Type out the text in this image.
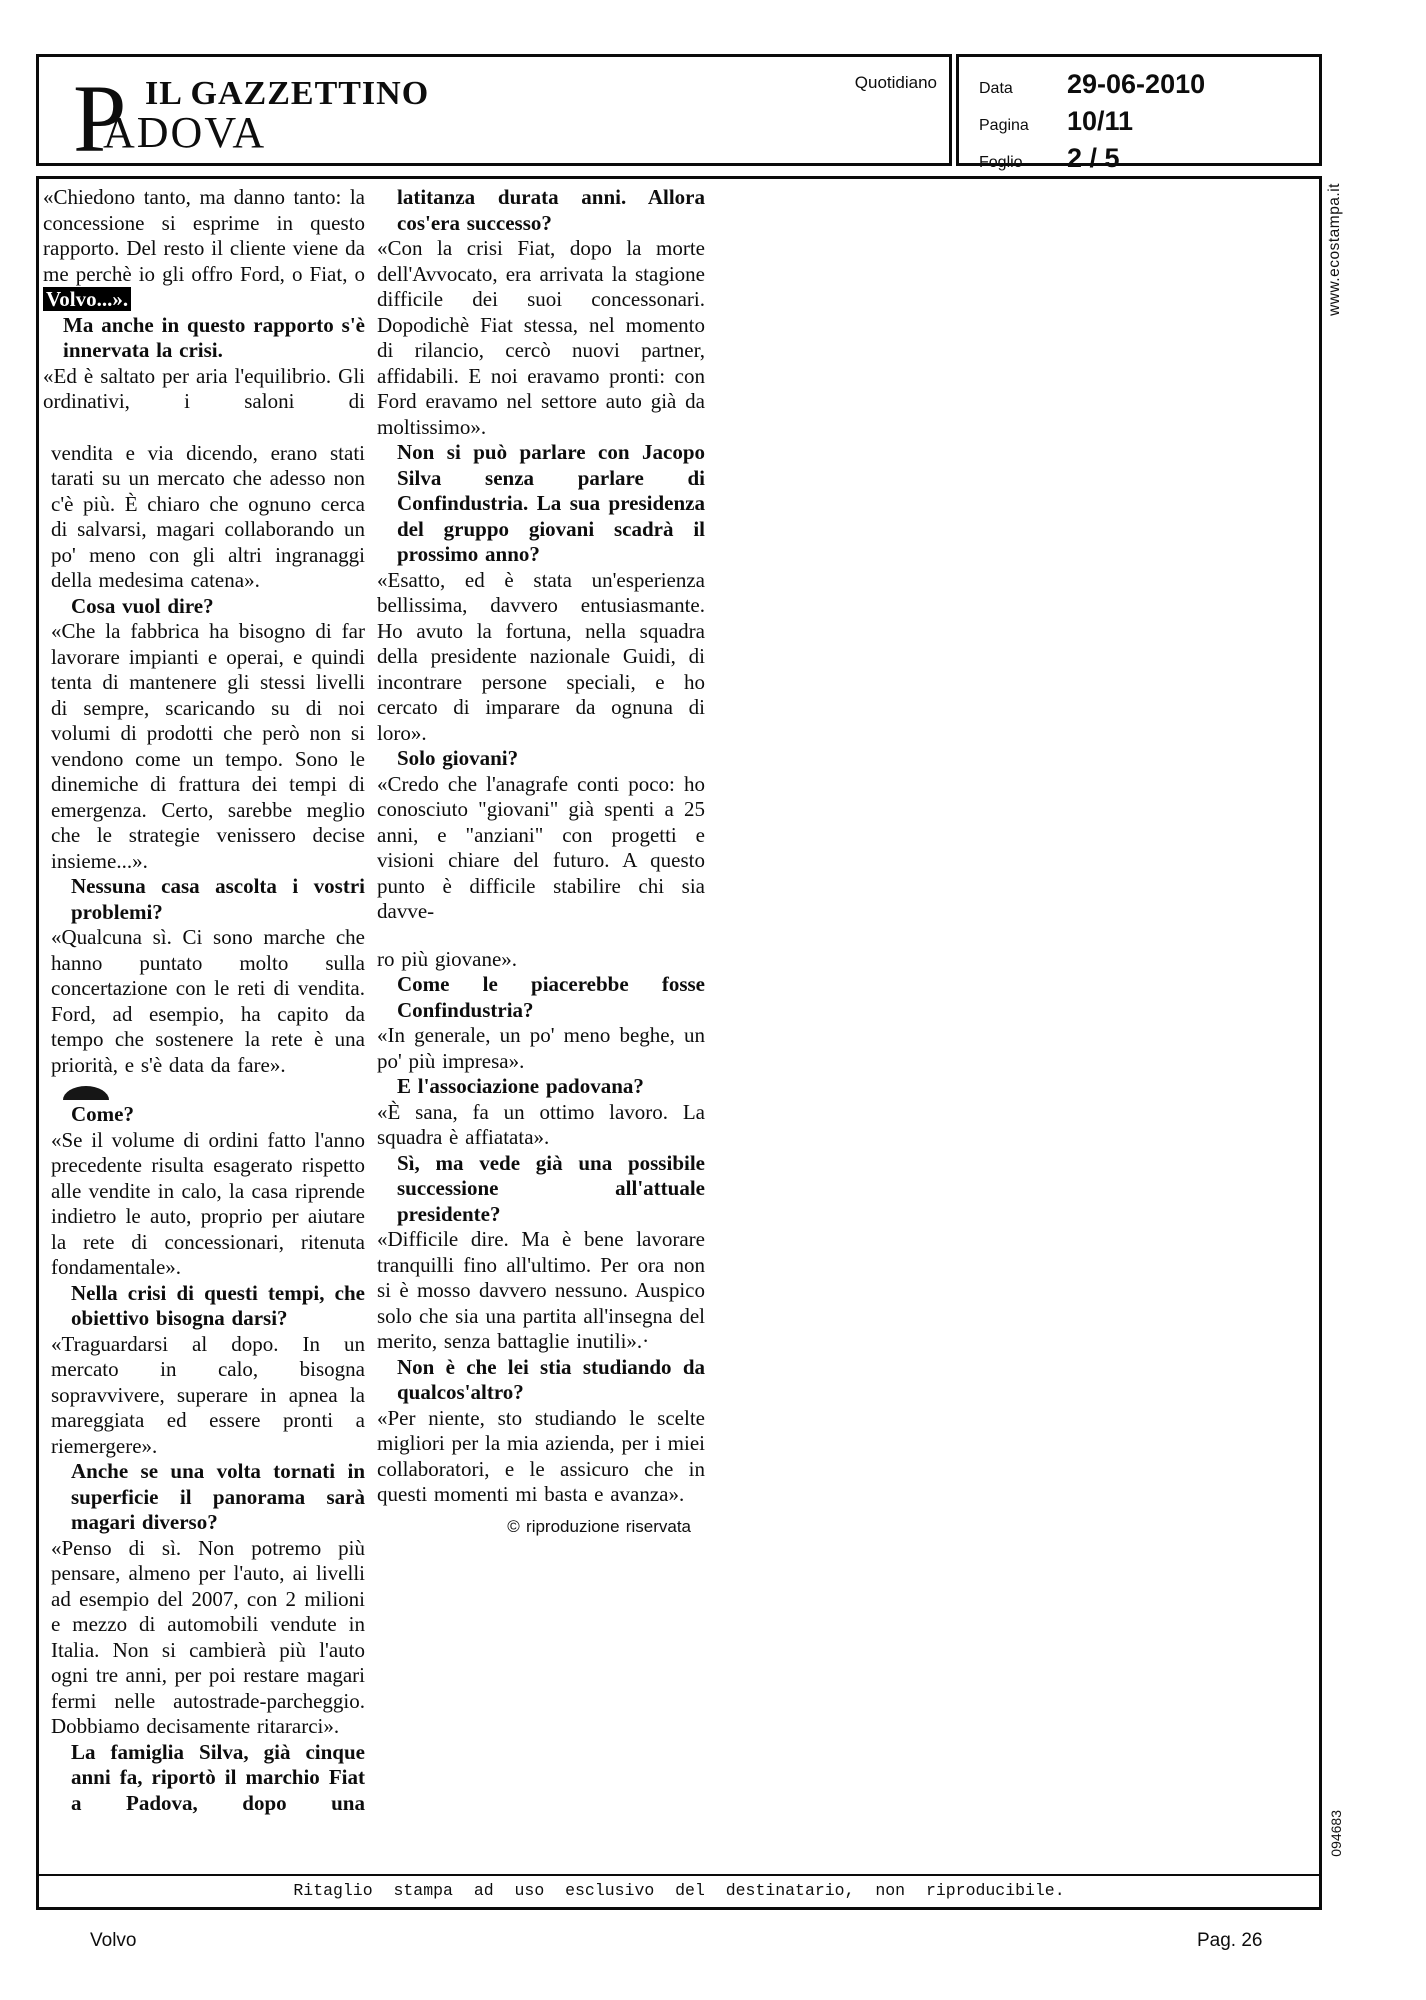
P IL GAZZETTINO
ADOVA
Quotidiano	Data	29-06-2010
Pagina	10/11
Foglio	2 / 5

«Chiedono tanto, ma danno tanto: la concessione si esprime in questo rapporto. Del resto il cliente viene da me perchè io gli offro Ford, o Fiat, o Volvo...».

Ma anche in questo rapporto s'è innervata la crisi.

«Ed è saltato per aria l'equilibrio. Gli ordinativi, i saloni di

vendita e via dicendo, erano stati tarati su un mercato che adesso non c'è più. È chiaro che ognuno cerca di salvarsi, magari collaborando un po' meno con gli altri ingranaggi della medesima catena».

Cosa vuol dire?

«Che la fabbrica ha bisogno di far lavorare impianti e operai, e quindi tenta di mantenere gli stessi livelli di sempre, scaricando su di noi volumi di prodotti che però non si vendono come un tempo. Sono le dinemiche di frattura dei tempi di emergenza. Certo, sarebbe meglio che le strategie venissero decise insieme...».

Nessuna casa ascolta i vostri problemi?

«Qualcuna sì. Ci sono marche che hanno puntato molto sulla concertazione con le reti di vendita. Ford, ad esempio, ha capito da tempo che sostenere la rete è una priorità, e s'è data da fare».

Come?

«Se il volume di ordini fatto l'anno precedente risulta esagerato rispetto alle vendite in calo, la casa riprende indietro le auto, proprio per aiutare la rete di concessionari, ritenuta fondamentale».

Nella crisi di questi tempi, che obiettivo bisogna darsi?

«Traguardarsi al dopo. In un mercato in calo, bisogna sopravvivere, superare in apnea la mareggiata ed essere pronti a riemergere».

Anche se una volta tornati in superficie il panorama sarà magari diverso?

«Penso di sì. Non potremo più pensare, almeno per l'auto, ai livelli ad esempio del 2007, con 2 milioni e mezzo di automobili vendute in Italia. Non si cambierà più l'auto ogni tre anni, per poi restare magari fermi nelle autostrade-parcheggio. Dobbiamo decisamente ritararci».

La famiglia Silva, già cinque anni fa, riportò il marchio Fiat a Padova, dopo una

latitanza durata anni. Allora cos'era successo?

«Con la crisi Fiat, dopo la morte dell'Avvocato, era arrivata la stagione difficile dei suoi concessonari. Dopodichè Fiat stessa, nel momento di rilancio, cercò nuovi partner, affidabili. E noi eravamo pronti: con Ford eravamo nel settore auto già da moltissimo».

Non si può parlare con Jacopo Silva senza parlare di Confindustria. La sua presidenza del gruppo giovani scadrà il prossimo anno?

«Esatto, ed è stata un'esperienza bellissima, davvero entusiasmante. Ho avuto la fortuna, nella squadra della presidente nazionale Guidi, di incontrare persone speciali, e ho cercato di imparare da ognuna di loro».

Solo giovani?

«Credo che l'anagrafe conti poco: ho conosciuto "giovani" già spenti a 25 anni, e "anziani" con progetti e visioni chiare del futuro. A questo punto è difficile stabilire chi sia davve-

ro più giovane».

Come le piacerebbe fosse Confindustria?

«In generale, un po' meno beghe, un po' più impresa».

E l'associazione padovana?

«È sana, fa un ottimo lavoro. La squadra è affiatata».

Sì, ma vede già una possibile successione all'attuale presidente?

«Difficile dire. Ma è bene lavorare tranquilli fino all'ultimo. Per ora non si è mosso davvero nessuno. Auspico solo che sia una partita all'insegna del merito, senza battaglie inutili».·

Non è che lei stia studiando da qualcos'altro?

«Per niente, sto studiando le scelte migliori per la mia azienda, per i miei collaboratori, e le assicuro che in questi momenti mi basta e avanza».

© riproduzione riservata

Ritaglio stampa ad uso esclusivo del destinatario, non riproducibile.
www.ecostampa.it
094683
Volvo	Pag. 26
